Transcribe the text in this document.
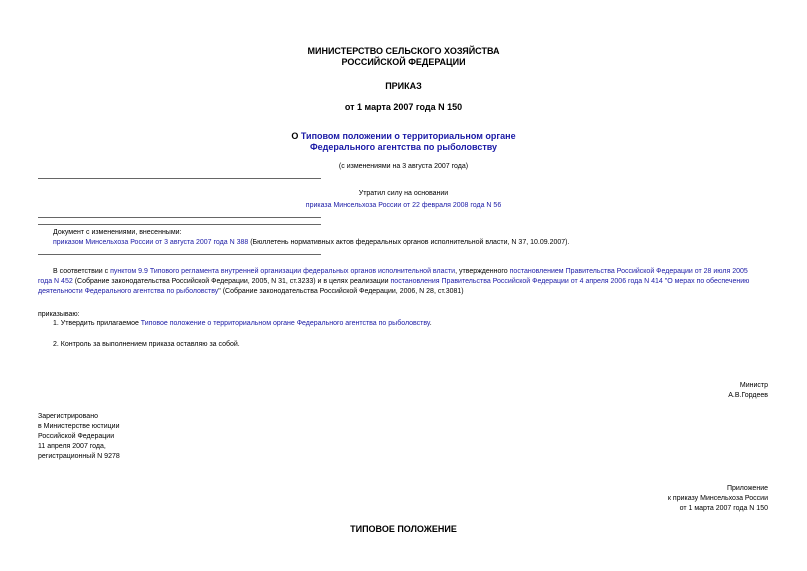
МИНИСТЕРСТВО СЕЛЬСКОГО ХОЗЯЙСТВА
РОССИЙСКОЙ ФЕДЕРАЦИИ
ПРИКАЗ
от 1 марта 2007 года N 150
О Типовом положении о территориальном органе
Федерального агентства по рыболовству
(с изменениями на 3 августа 2007 года)
Утратил силу на основании
приказа Минсельхоза России от 22 февраля 2008 года N 56
Документ с изменениями, внесенными:
приказом Минсельхоза России от 3 августа 2007 года N 388 (Бюллетень нормативных актов федеральных органов исполнительной власти, N 37, 10.09.2007).
В соответствии с пунктом 9.9 Типового регламента внутренней организации федеральных органов исполнительной власти, утвержденного постановлением Правительства Российской Федерации от 28 июля 2005
года N 452 (Собрание законодательства Российской Федерации, 2005, N 31, ст.3233) и в целях реализации постановления Правительства Российской Федерации от 4 апреля 2006 года N 414 "О мерах по обеспечению
деятельности Федерального агентства по рыболовству" (Собрание законодательства Российской Федерации, 2006, N 28, ст.3081)
приказываю:
1. Утвердить прилагаемое Типовое положение о территориальном органе Федерального агентства по рыболовству.
2. Контроль за выполнением приказа оставляю за собой.
Министр
А.В.Гордеев
Зарегистрировано
в Министерстве юстиции
Российской Федерации
11 апреля 2007 года,
регистрационный N 9278
Приложение
к приказу Минсельхоза России
от 1 марта 2007 года N 150
ТИПОВОЕ ПОЛОЖЕНИЕ
